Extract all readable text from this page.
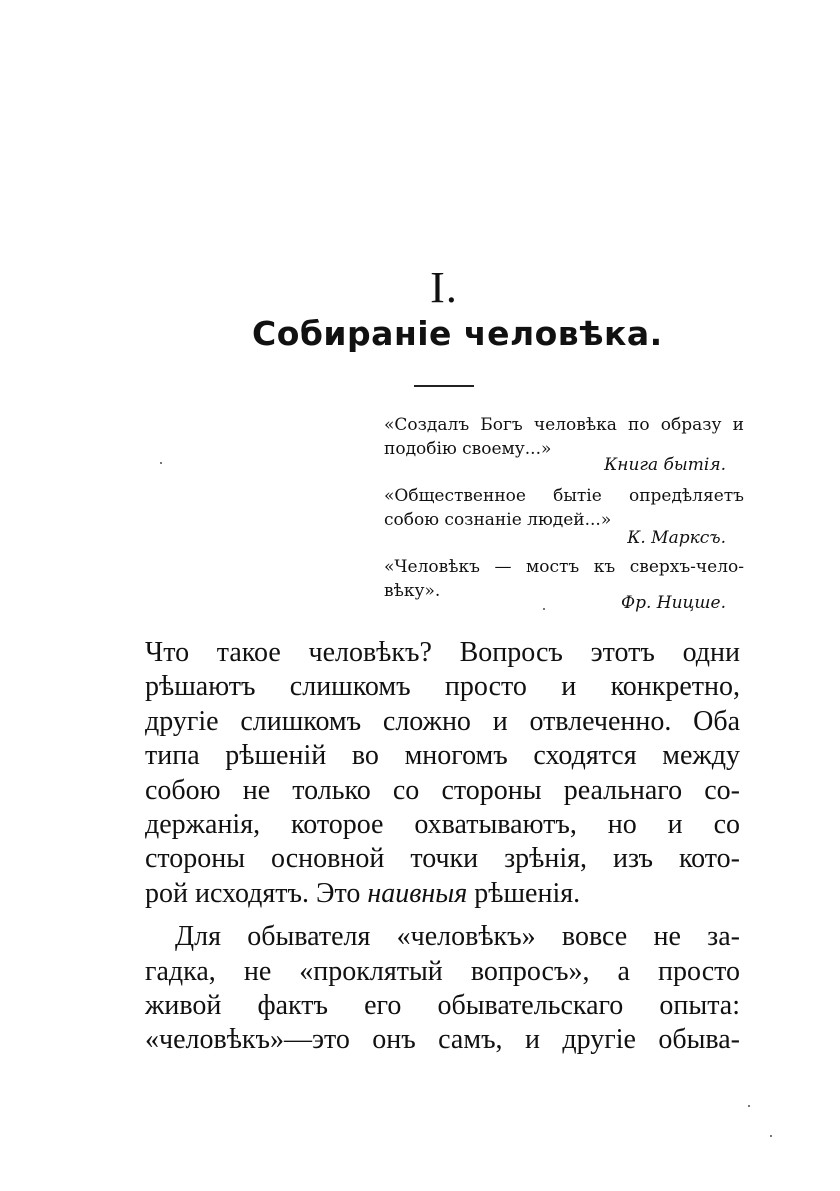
I.
Собираніе человѣка.
«Создалъ Богъ человѣка по образу и подобію своему...»
Книга бытія.
«Общественное бытіе опредѣляетъ собою сознаніе людей...»
К. Марксъ.
«Человѣкъ — мостъ къ сверхъ-чело-вѣку».
Фр. Ницше.
Что такое человѣкъ? Вопросъ этотъ одни
рѣшаютъ слишкомъ просто и конкретно,
другіе слишкомъ сложно и отвлеченно. Оба
типа рѣшеній во многомъ сходятся между
собою не только со стороны реальнаго со-
держанія, которое охватываютъ, но и со
стороны основной точки зрѣнія, изъ кото-
рой исходятъ. Это наивныя рѣшенія.
Для обывателя «человѣкъ» вовсе не за-
гадка, не «проклятый вопросъ», а просто
живой фактъ его обывательскаго опыта:
«человѣкъ»—это онъ самъ, и другіе обыва-
